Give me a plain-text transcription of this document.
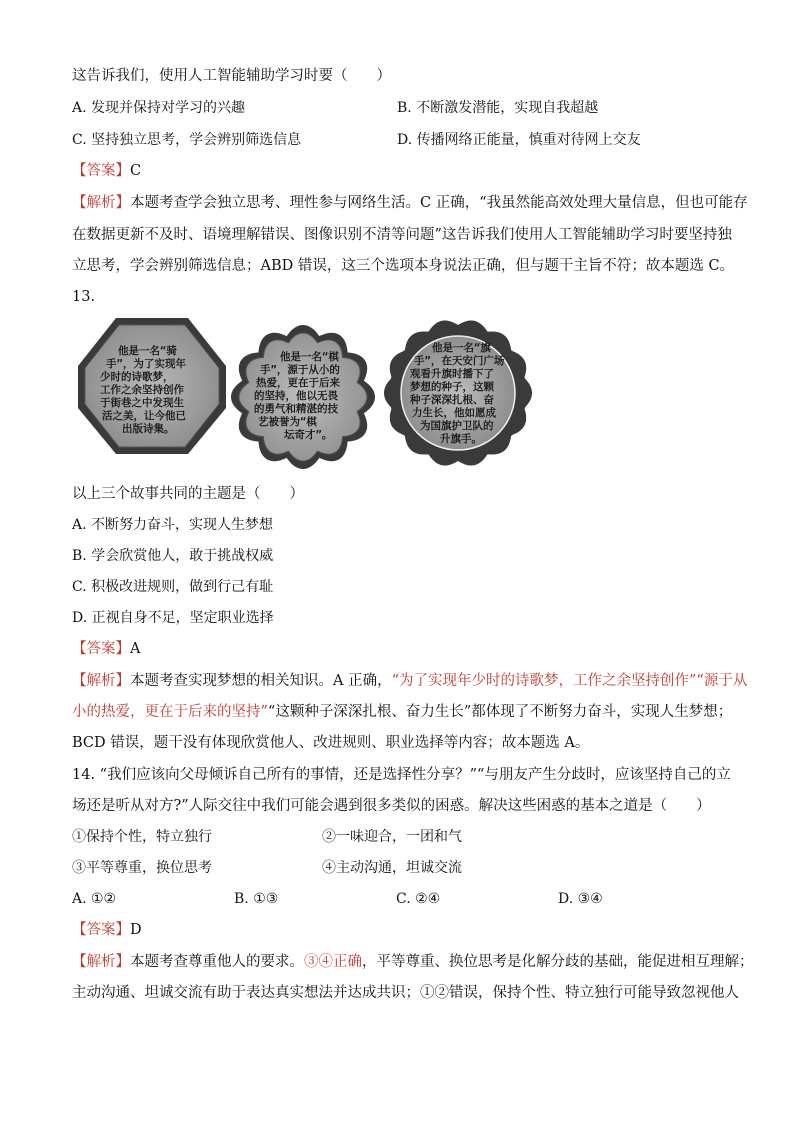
这告诉我们，使用人工智能辅助学习时要（　　）
A. 发现并保持对学习的兴趣	B. 不断激发潜能，实现自我超越
C. 坚持独立思考，学会辨别筛选信息	D. 传播网络正能量，慎重对待网上交友
【答案】C
【解析】本题考查学会独立思考、理性参与网络生活。C 正确，“我虽然能高效处理大量信息，但也可能存
在数据更新不及时、语境理解错误、图像识别不清等问题”这告诉我们使用人工智能辅助学习时要坚持独
立思考，学会辨别筛选信息；ABD 错误，这三个选项本身说法正确，但与题干主旨不符；故本题选 C。
13.
他是一名“骑
手”，为了实现年
少时的诗歌梦，
工作之余坚持创作
于街巷之中发现生
活之美，让今他已
出版诗集。
他是一名“棋
手”，源于从小的
热爱，更在于后来
的坚持，他以无畏
的勇气和精湛的技
艺被誉为“棋
坛奇才”。
他是一名“旗
手”，在天安门广场
观看升旗时播下了
梦想的种子，这颗
种子深深扎根、奋
力生长，他如愿成
为国旗护卫队的
升旗手。
以上三个故事共同的主题是（　　）
A. 不断努力奋斗，实现人生梦想
B. 学会欣赏他人，敢于挑战权威
C. 积极改进规则，做到行己有耻
D. 正视自身不足，坚定职业选择
【答案】A
【解析】本题考查实现梦想的相关知识。A 正确，“为了实现年少时的诗歌梦，工作之余坚持创作”“源于从
小的热爱，更在于后来的坚持”“这颗种子深深扎根、奋力生长”都体现了不断努力奋斗，实现人生梦想；
BCD 错误，题干没有体现欣赏他人、改进规则、职业选择等内容；故本题选 A。
14. “我们应该向父母倾诉自己所有的事情，还是选择性分享？”“与朋友产生分歧时，应该坚持自己的立
场还是听从对方?”人际交往中我们可能会遇到很多类似的困惑。解决这些困惑的基本之道是（　　）
①保持个性，特立独行	②一味迎合，一团和气
③平等尊重，换位思考	④主动沟通，坦诚交流
A. ①②	B. ①③	C. ②④	D. ③④
【答案】D
【解析】本题考查尊重他人的要求。③④正确，平等尊重、换位思考是化解分歧的基础，能促进相互理解；
主动沟通、坦诚交流有助于表达真实想法并达成共识；①②错误，保持个性、特立独行可能导致忽视他人
